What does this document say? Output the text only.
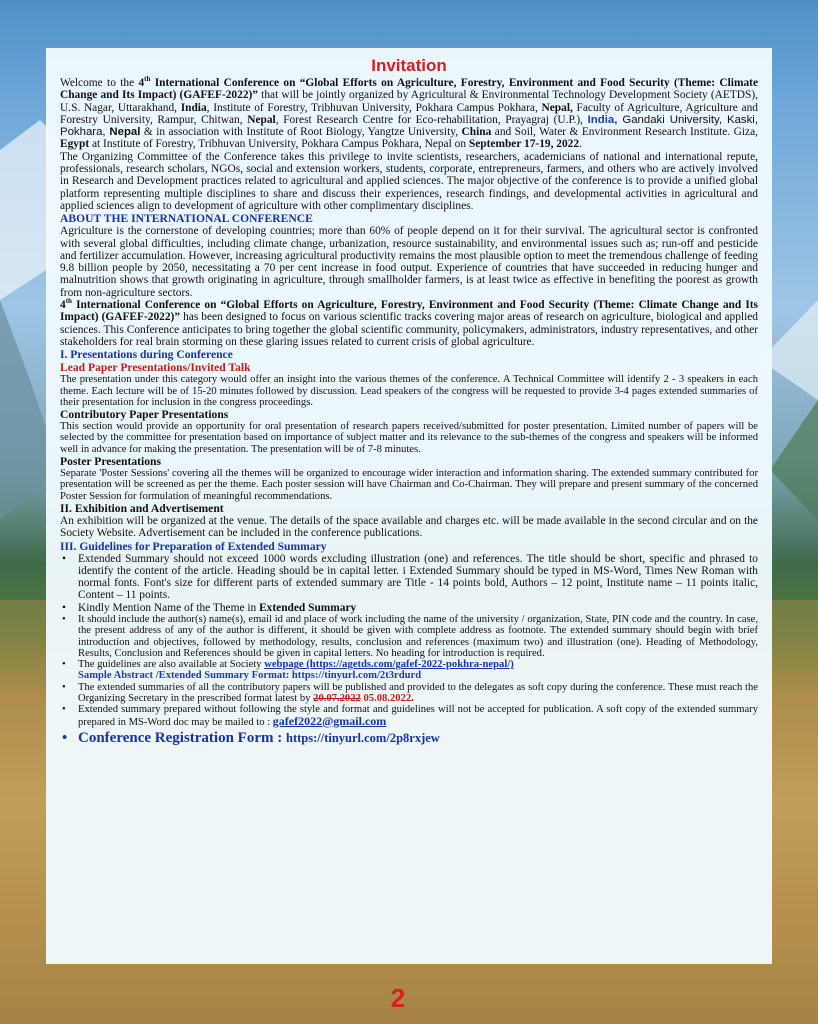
Invitation

Welcome to the 4th International Conference on “Global Efforts on Agriculture, Forestry, Environment and Food Security (Theme: Climate Change and Its Impact) (GAFEF-2022)” that will be jointly organized by Agricultural & Environmental Technology Development Society (AETDS), U.S. Nagar, Uttarakhand, India, Institute of Forestry, Tribhuvan University, Pokhara Campus Pokhara, Nepal, Faculty of Agriculture, Agriculture and Forestry University, Rampur, Chitwan, Nepal, Forest Research Centre for Eco-rehabilitation, Prayagraj (U.P.), India, Gandaki University, Kaski, Pokhara, Nepal & in association with Institute of Root Biology, Yangtze University, China and Soil, Water & Environment Research Institute. Giza, Egypt at Institute of Forestry, Tribhuvan University, Pokhara Campus Pokhara, Nepal on September 17-19, 2022.

The Organizing Committee of the Conference takes this privilege to invite scientists, researchers, academicians of national and international repute, professionals, research scholars, NGOs, social and extension workers, students, corporate, entrepreneurs, farmers, and others who are actively involved in Research and Development practices related to agricultural and applied sciences. The major objective of the conference is to provide a unified global platform representing multiple disciplines to share and discuss their experiences, research findings, and developmental activities in agricultural and applied sciences align to development of agriculture with other complimentary disciplines.

ABOUT THE INTERNATIONAL CONFERENCE

Agriculture is the cornerstone of developing countries; more than 60% of people depend on it for their survival. The agricultural sector is confronted with several global difficulties, including climate change, urbanization, resource sustainability, and environmental issues such as; run-off and pesticide and fertilizer accumulation. However, increasing agricultural productivity remains the most plausible option to meet the tremendous challenge of feeding 9.8 billion people by 2050, necessitating a 70 per cent increase in food output. Experience of countries that have succeeded in reducing hunger and malnutrition shows that growth originating in agriculture, through smallholder farmers, is at least twice as effective in benefiting the poorest as growth from non-agriculture sectors.

4th International Conference on “Global Efforts on Agriculture, Forestry, Environment and Food Security (Theme: Climate Change and Its Impact) (GAFEF-2022)” has been designed to focus on various scientific tracks covering major areas of research on agriculture, biological and applied sciences. This Conference anticipates to bring together the global scientific community, policymakers, administrators, industry representatives, and other stakeholders for real brain storming on these glaring issues related to current crisis of global agriculture.

I. Presentations during Conference
Lead Paper Presentations/Invited Talk

The presentation under this category would offer an insight into the various themes of the conference. A Technical Committee will identify 2 - 3 speakers in each theme. Each lecture will be of 15-20 minutes followed by discussion. Lead speakers of the congress will be requested to provide 3-4 pages extended summaries of their presentation for inclusion in the congress proceedings.

Contributory Paper Presentations

This section would provide an opportunity for oral presentation of research papers received/submitted for poster presentation. Limited number of papers will be selected by the committee for presentation based on importance of subject matter and its relevance to the sub-themes of the congress and speakers will be informed well in advance for making the presentation. The presentation will be of 7-8 minutes.

Poster Presentations

Separate 'Poster Sessions' covering all the themes will be organized to encourage wider interaction and information sharing. The extended summary contributed for presentation will be screened as per the theme. Each poster session will have Chairman and Co-Chairman. They will prepare and present summary of the concerned Poster Session for formulation of meaningful recommendations.

II. Exhibition and Advertisement

An exhibition will be organized at the venue. The details of the space available and charges etc. will be made available in the second circular and on the Society Website. Advertisement can be included in the conference publications.

III. Guidelines for Preparation of Extended Summary
• Extended Summary should not exceed 1000 words excluding illustration (one) and references. The title should be short, specific and phrased to identify the content of the article. Heading should be in capital letter. i Extended Summary should be typed in MS-Word, Times New Roman with normal fonts. Font's size for different parts of extended summary are Title - 14 points bold, Authors – 12 point, Institute name – 11 points italic, Content – 11 points.
• Kindly Mention Name of the Theme in Extended Summary
• It should include the author(s) name(s), email id and place of work including the name of the university / organization, State, PIN code and the country. In case, the present address of any of the author is different, it should be given with complete address as footnote. The extended summary should begin with brief introduction and objectives, followed by methodology, results, conclusion and references (maximum two) and illustration (one). Heading of Methodology, Results, Conclusion and References should be given in capital letters. No heading for introduction is required.
• The guidelines are also available at Society webpage (https://agetds.com/gafef-2022-pokhra-nepal/)
Sample Abstract /Extended Summary Format: https://tinyurl.com/2t3rdurd
• The extended summaries of all the contributory papers will be published and provided to the delegates as soft copy during the conference. These must reach the Organizing Secretary in the prescribed format latest by 20.07.2022 05.08.2022.
• Extended summary prepared without following the style and format and guidelines will not be accepted for publication. A soft copy of the extended summary prepared in MS-Word doc may be mailed to : gafef2022@gmail.com
• Conference Registration Form : https://tinyurl.com/2p8rxjew
2
